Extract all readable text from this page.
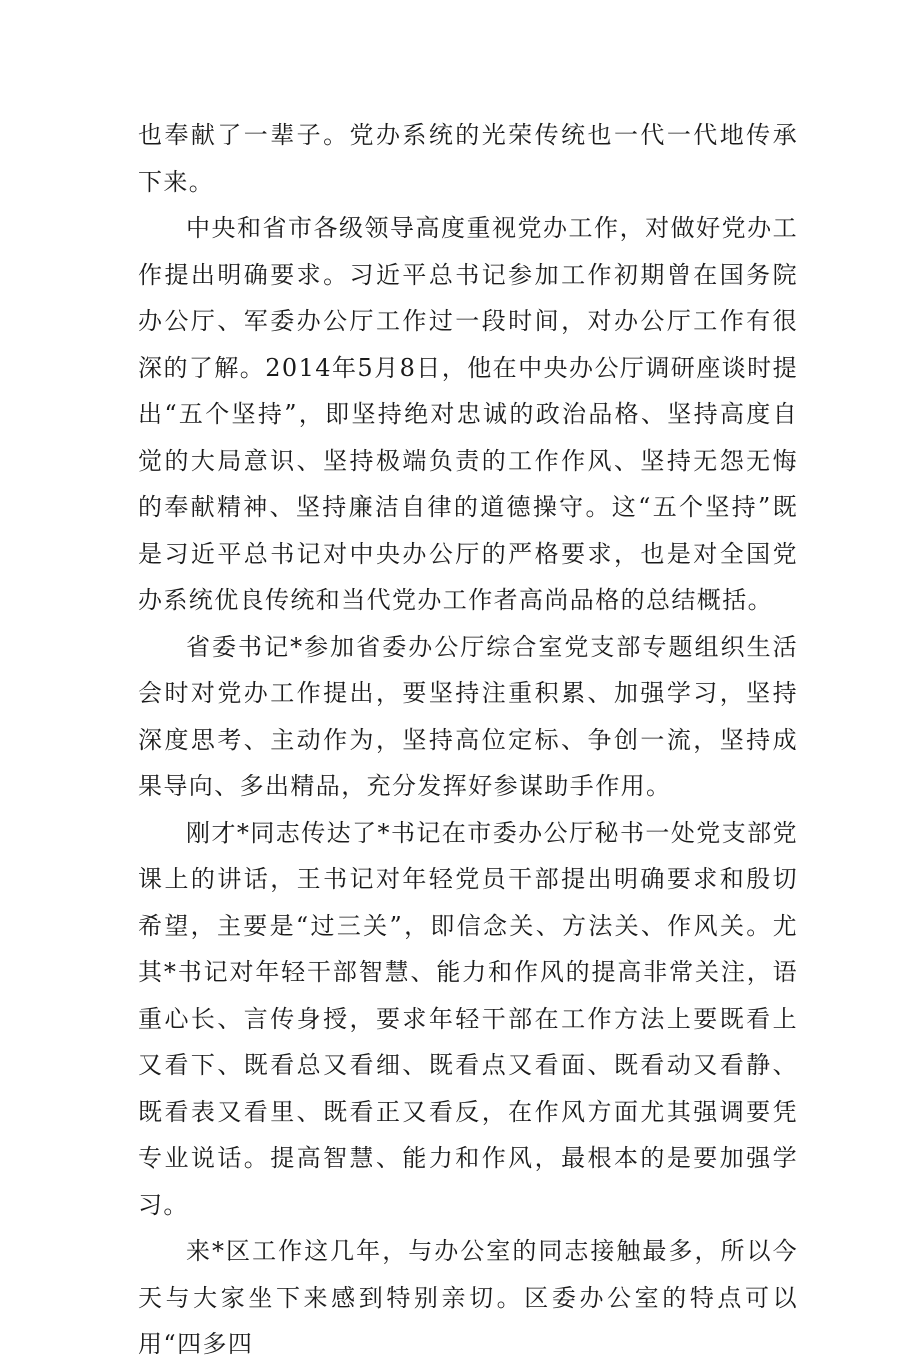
也奉献了一辈子。党办系统的光荣传统也一代一代地传承下来。

中央和省市各级领导高度重视党办工作，对做好党办工作提出明确要求。习近平总书记参加工作初期曾在国务院办公厅、军委办公厅工作过一段时间，对办公厅工作有很深的了解。2014年5月8日，他在中央办公厅调研座谈时提出“五个坚持”，即坚持绝对忠诚的政治品格、坚持高度自觉的大局意识、坚持极端负责的工作作风、坚持无怨无悔的奉献精神、坚持廉洁自律的道德操守。这“五个坚持”既是习近平总书记对中央办公厅的严格要求，也是对全国党办系统优良传统和当代党办工作者高尚品格的总结概括。

省委书记*参加省委办公厅综合室党支部专题组织生活会时对党办工作提出，要坚持注重积累、加强学习，坚持深度思考、主动作为，坚持高位定标、争创一流，坚持成果导向、多出精品，充分发挥好参谋助手作用。

刚才*同志传达了*书记在市委办公厅秘书一处党支部党课上的讲话，王书记对年轻党员干部提出明确要求和殷切希望，主要是“过三关”，即信念关、方法关、作风关。尤其*书记对年轻干部智慧、能力和作风的提高非常关注，语重心长、言传身授，要求年轻干部在工作方法上要既看上又看下、既看总又看细、既看点又看面、既看动又看静、既看表又看里、既看正又看反，在作风方面尤其强调要凭专业说话。提高智慧、能力和作风，最根本的是要加强学习。

来*区工作这几年，与办公室的同志接触最多，所以今天与大家坐下来感到特别亲切。区委办公室的特点可以用“四多四
